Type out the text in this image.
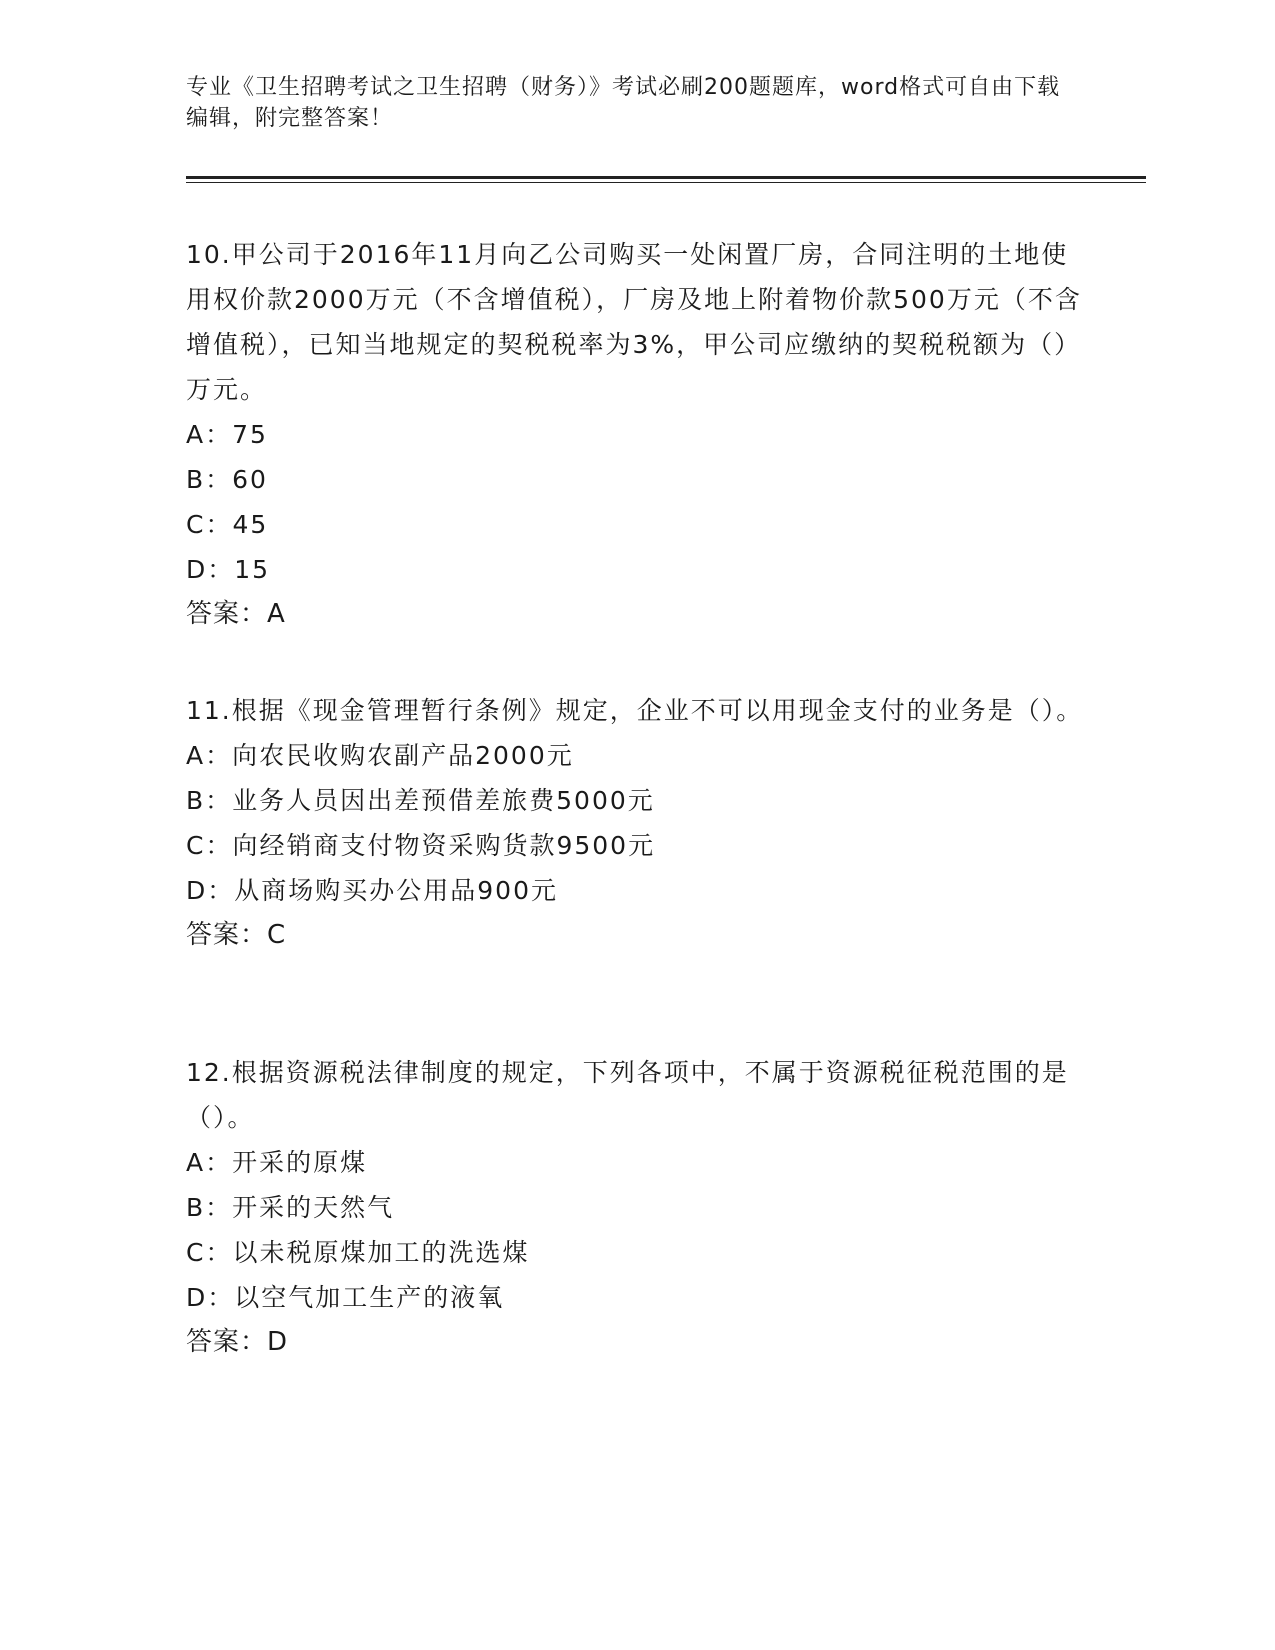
专业《卫生招聘考试之卫生招聘（财务）》考试必刷200题题库，word格式可自由下载编辑，附完整答案！
10.甲公司于2016年11月向乙公司购买一处闲置厂房，合同注明的土地使用权价款2000万元（不含增值税），厂房及地上附着物价款500万元（不含增值税），已知当地规定的契税税率为3%，甲公司应缴纳的契税税额为（）万元。
A：75
B：60
C：45
D：15
答案：A
11.根据《现金管理暂行条例》规定，企业不可以用现金支付的业务是（）。
A：向农民收购农副产品2000元
B：业务人员因出差预借差旅费5000元
C：向经销商支付物资采购货款9500元
D：从商场购买办公用品900元
答案：C
12.根据资源税法律制度的规定，下列各项中，不属于资源税征税范围的是（）。
A：开采的原煤
B：开采的天然气
C：以未税原煤加工的洗选煤
D：以空气加工生产的液氧
答案：D
